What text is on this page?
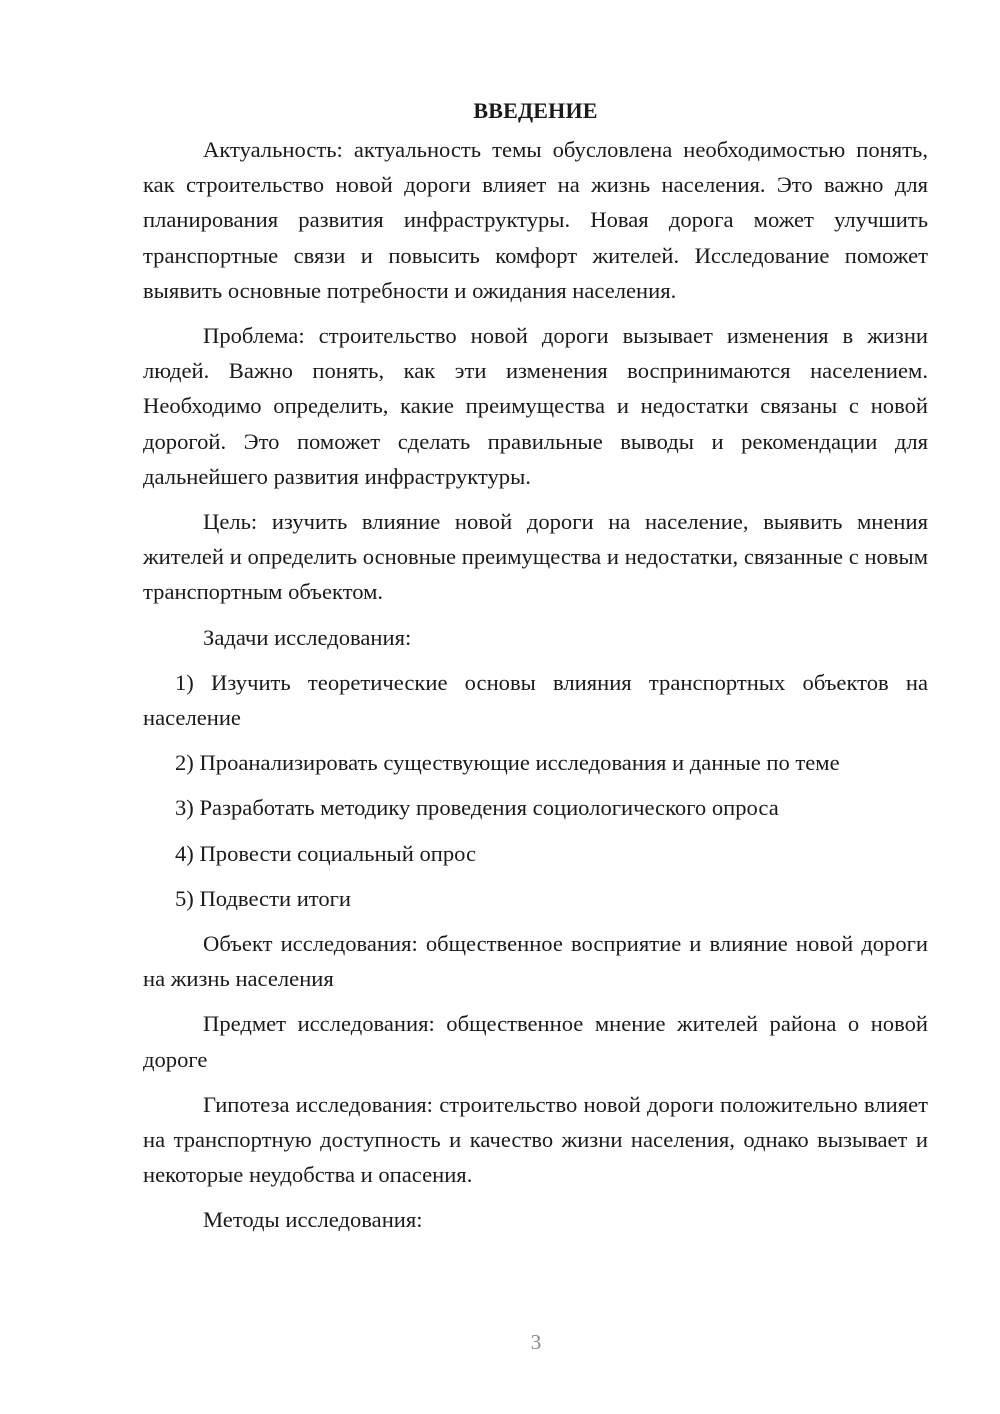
ВВЕДЕНИЕ

Актуальность: актуальность темы обусловлена необходимостью понять, как строительство новой дороги влияет на жизнь населения. Это важно для планирования развития инфраструктуры. Новая дорога может улучшить транспортные связи и повысить комфорт жителей. Исследование поможет выявить основные потребности и ожидания населения.

Проблема: строительство новой дороги вызывает изменения в жизни людей. Важно понять, как эти изменения воспринимаются населением. Необходимо определить, какие преимущества и недостатки связаны с новой дорогой. Это поможет сделать правильные выводы и рекомендации для дальнейшего развития инфраструктуры.

Цель: изучить влияние новой дороги на население, выявить мнения жителей и определить основные преимущества и недостатки, связанные с новым транспортным объектом.

Задачи исследования:

1) Изучить теоретические основы влияния транспортных объектов на население

2) Проанализировать существующие исследования и данные по теме

3) Разработать методику проведения социологического опроса

4) Провести социальный опрос

5) Подвести итоги

Объект исследования: общественное восприятие и влияние новой дороги на жизнь населения

Предмет исследования: общественное мнение жителей района о новой дороге

Гипотеза исследования: строительство новой дороги положительно влияет на транспортную доступность и качество жизни населения, однако вызывает и некоторые неудобства и опасения.

Методы исследования:

3
